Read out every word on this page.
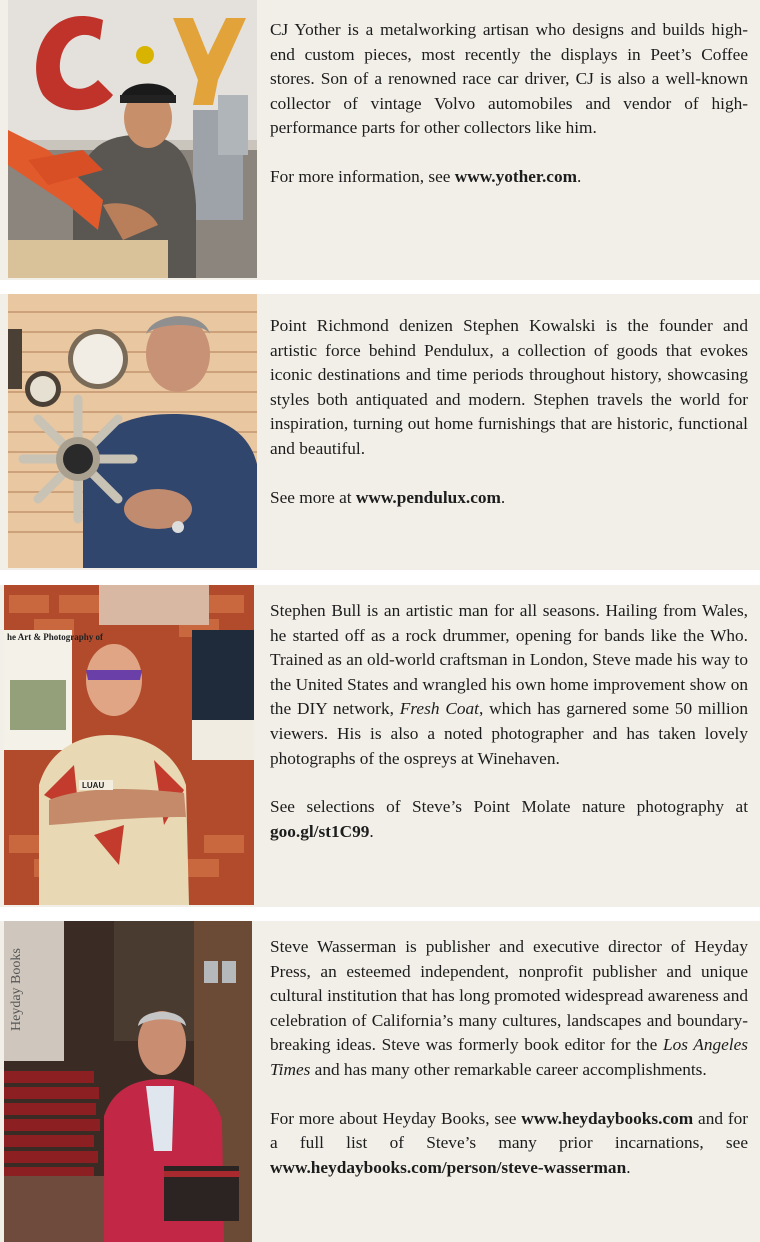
CJ Yother is a metalworking artisan who designs and builds high-end custom pieces, most recently the displays in Peet’s Coffee stores. Son of a renowned race car driver, CJ is also a well-known collector of vintage Volvo automobiles and vendor of high-performance parts for other collectors like him.

For more information, see www.yother.com.

Point Richmond denizen Stephen Kowalski is the founder and artistic force behind Pendulux, a collection of goods that evokes iconic destinations and time periods throughout history, showcasing styles both antiquated and modern. Stephen travels the world for inspiration, turning out home furnishings that are historic, functional and beautiful.

See more at www.pendulux.com.

he Art & Photography of
LUAU

Stephen Bull is an artistic man for all seasons. Hailing from Wales, he started off as a rock drummer, opening for bands like the Who. Trained as an old-world craftsman in London, Steve made his way to the United States and wrangled his own home improvement show on the DIY network, Fresh Coat, which has garnered some 50 million viewers. His is also a noted photographer and has taken lovely photographs of the ospreys at Winehaven.

See selections of Steve’s Point Molate nature photography at goo.gl/st1C99.

Heyday Books

Steve Wasserman is publisher and executive director of Heyday Press, an esteemed independent, nonprofit publisher and unique cultural institution that has long promoted widespread awareness and celebration of California’s many cultures, landscapes and boundary-breaking ideas. Steve was formerly book editor for the Los Angeles Times and has many other remarkable career accomplishments.

For more about Heyday Books, see www.heydaybooks.com and for a full list of Steve’s many prior incarnations, see www.heydaybooks.com/person/steve-wasserman.
